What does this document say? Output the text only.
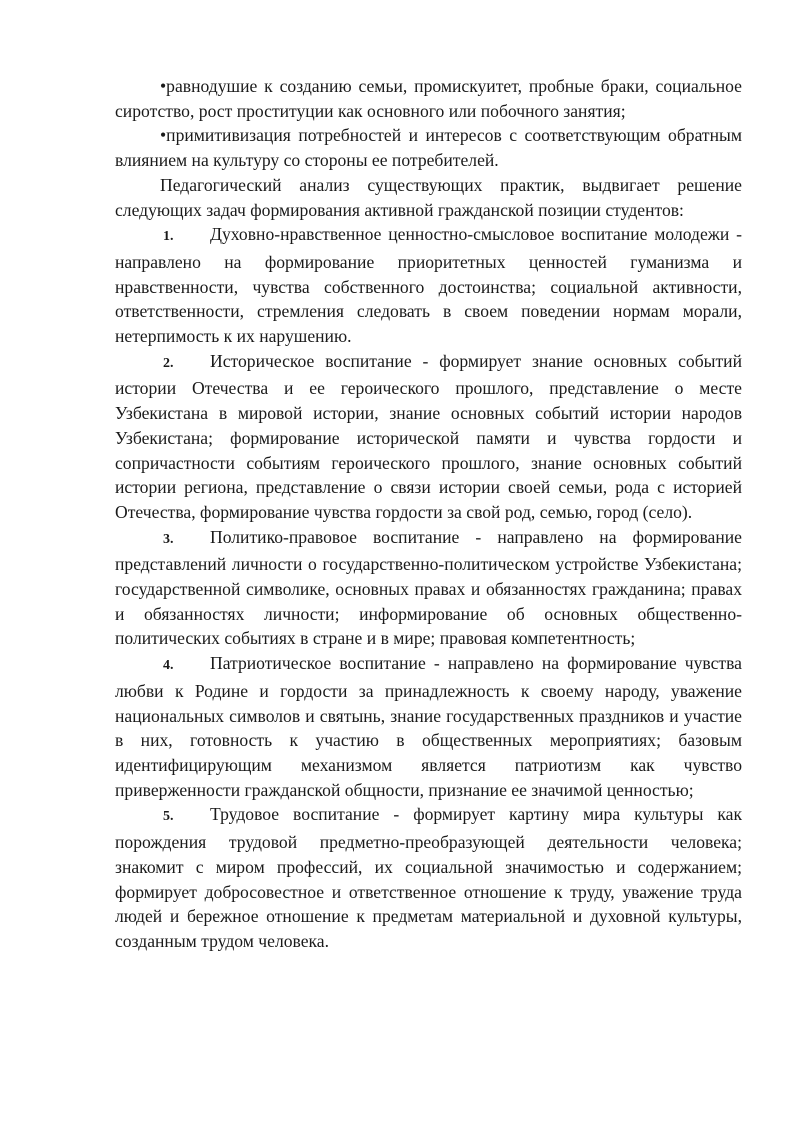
•равнодушие к созданию семьи, промискуитет, пробные браки, социальное сиротство, рост проституции как основного или побочного занятия;

•примитивизация потребностей и интересов с соответствующим обратным влиянием на культуру со стороны ее потребителей.

Педагогический анализ существующих практик, выдвигает решение следующих задач формирования активной гражданской позиции студентов:

1. Духовно-нравственное ценностно-смысловое воспитание молодежи - направлено на формирование приоритетных ценностей гуманизма и нравственности, чувства собственного достоинства; социальной активности, ответственности, стремления следовать в своем поведении нормам морали, нетерпимость к их нарушению.

2. Историческое воспитание - формирует знание основных событий истории Отечества и ее героического прошлого, представление о месте Узбекистана в мировой истории, знание основных событий истории народов Узбекистана; формирование исторической памяти и чувства гордости и сопричастности событиям героического прошлого, знание основных событий истории региона, представление о связи истории своей семьи, рода с историей Отечества, формирование чувства гордости за свой род, семью, город (село).

3. Политико-правовое воспитание - направлено на формирование представлений личности о государственно-политическом устройстве Узбекистана; государственной символике, основных правах и обязанностях гражданина; правах и обязанностях личности; информирование об основных общественно-политических событиях в стране и в мире; правовая компетентность;

4. Патриотическое воспитание - направлено на формирование чувства любви к Родине и гордости за принадлежность к своему народу, уважение национальных символов и святынь, знание государственных праздников и участие в них, готовность к участию в общественных мероприятиях; базовым идентифицирующим механизмом является патриотизм как чувство приверженности гражданской общности, признание ее значимой ценностью;

5. Трудовое воспитание - формирует картину мира культуры как порождения трудовой предметно-преобразующей деятельности человека; знакомит с миром профессий, их социальной значимостью и содержанием; формирует добросовестное и ответственное отношение к труду, уважение труда людей и бережное отношение к предметам материальной и духовной культуры, созданным трудом человека.
